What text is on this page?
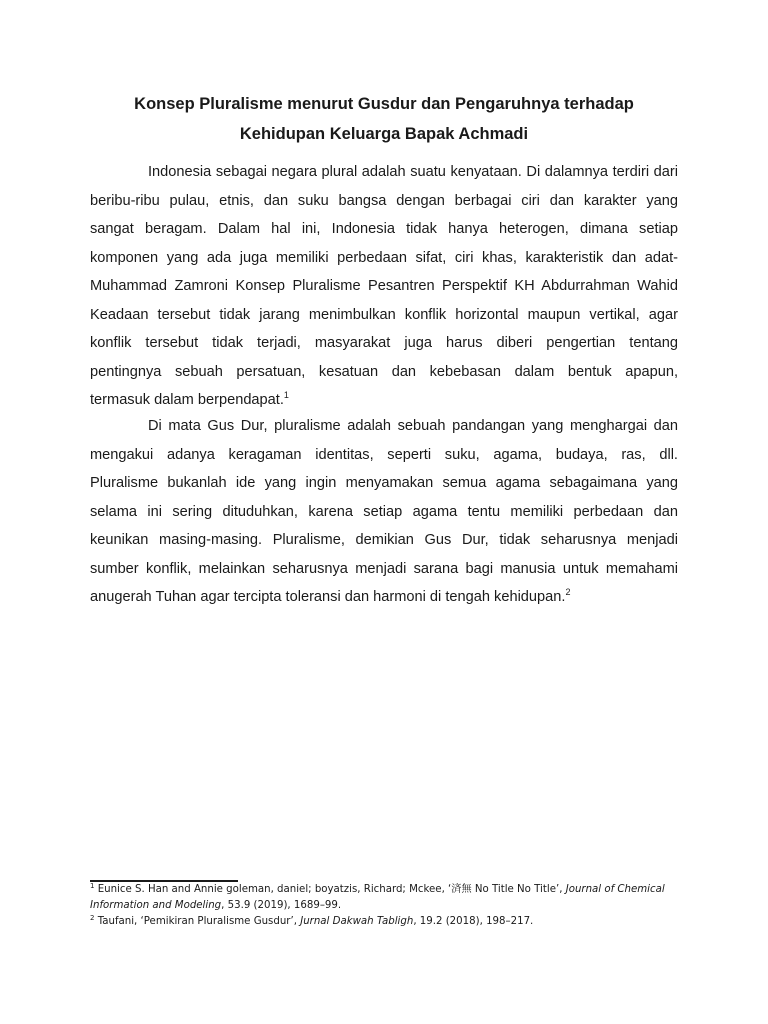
Konsep Pluralisme menurut Gusdur dan Pengaruhnya terhadap
Kehidupan Keluarga Bapak Achmadi

Indonesia sebagai negara plural adalah suatu kenyataan. Di dalamnya terdiri dari
beribu-ribu pulau, etnis, dan suku bangsa dengan berbagai ciri dan karakter yang
sangat beragam. Dalam hal ini, Indonesia tidak hanya heterogen, dimana setiap
komponen yang ada juga memiliki perbedaan sifat, ciri khas, karakteristik dan adat-
Muhammad Zamroni Konsep Pluralisme Pesantren Perspektif KH Abdurrahman Wahid
Keadaan tersebut tidak jarang menimbulkan konflik horizontal maupun vertikal, agar
konflik tersebut tidak terjadi, masyarakat juga harus diberi pengertian tentang
pentingnya sebuah persatuan, kesatuan dan kebebasan dalam bentuk apapun,
termasuk dalam berpendapat.$^1$

Di mata Gus Dur, pluralisme adalah sebuah pandangan yang menghargai dan
mengakui adanya keragaman identitas, seperti suku, agama, budaya, ras, dll.
Pluralisme bukanlah ide yang ingin menyamakan semua agama sebagaimana yang
selama ini sering dituduhkan, karena setiap agama tentu memiliki perbedaan dan
keunikan masing-masing. Pluralisme, demikian Gus Dur, tidak seharusnya menjadi
sumber konflik, melainkan seharusnya menjadi sarana bagi manusia untuk memahami
anugerah Tuhan agar tercipta toleransi dan harmoni di tengah kehidupan.$^2$

$^1$ Eunice S. Han and Annie goleman, daniel; boyatzis, Richard; Mckee, ‘済無 No Title No Title’, Journal of Chemical
Information and Modeling, 53.9 (2019), 1689–99.
$^2$ Taufani, ‘Pemikiran Pluralisme Gusdur’, Jurnal Dakwah Tabligh, 19.2 (2018), 198–217.
